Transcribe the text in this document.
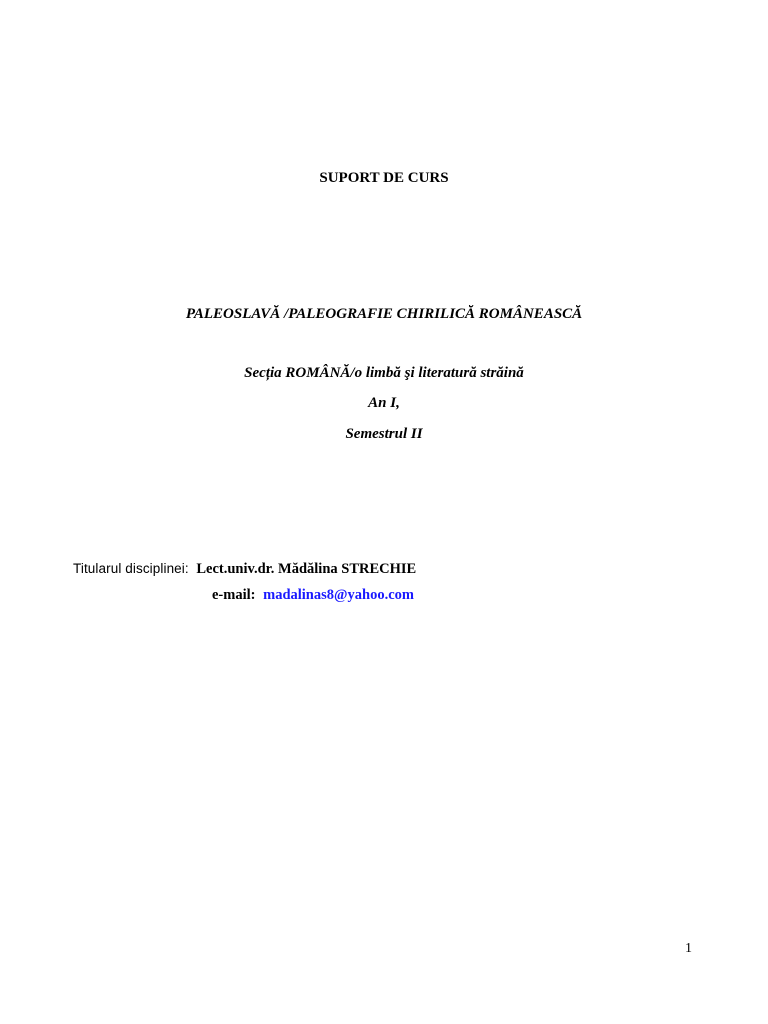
SUPORT DE CURS
PALEOSLAVĂ /PALEOGRAFIE CHIRILICĂ ROMÂNEASCĂ
Secția ROMÂNĂ/o limbă şi literatură străină
An I,
Semestrul II
Titularul disciplinei: Lect.univ.dr. Mădălina STRECHIE
e-mail: madalinas8@yahoo.com
1
